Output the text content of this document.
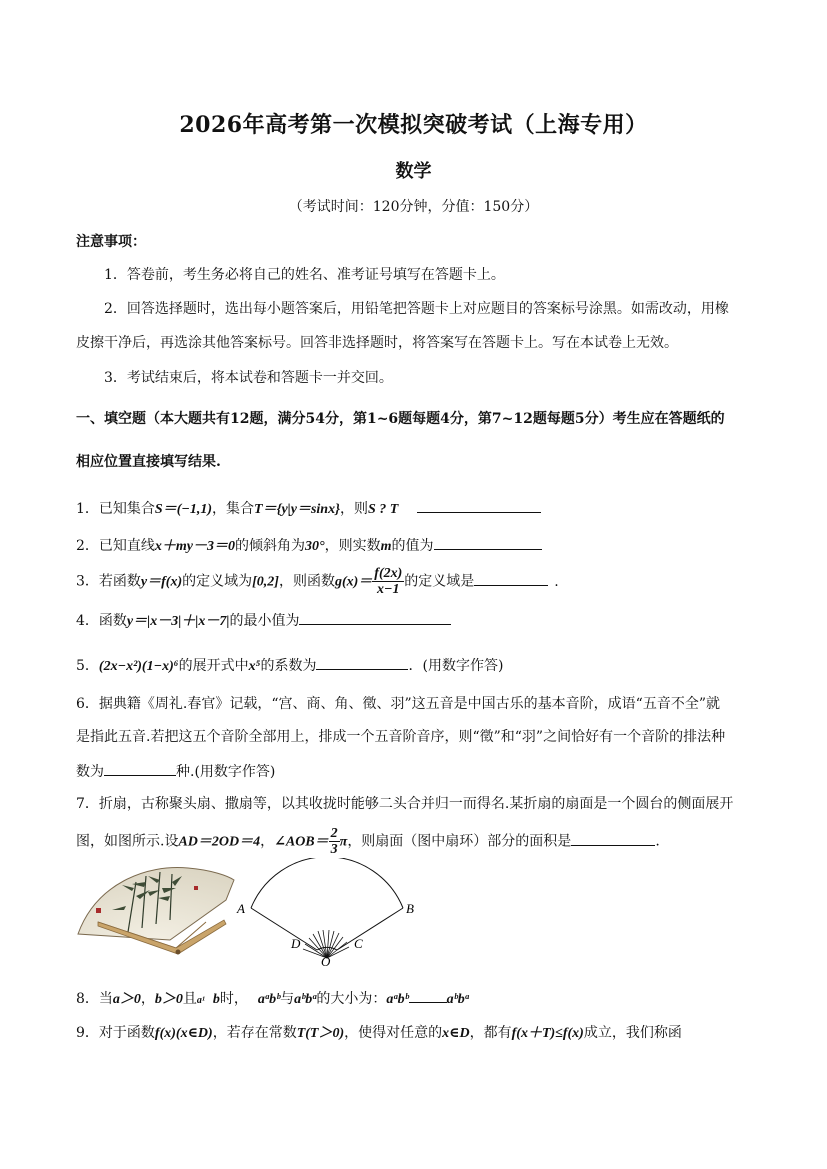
2026年高考第一次模拟突破考试（上海专用）
数学
（考试时间：120分钟，分值：150分）
注意事项：
1．答卷前，考生务必将自己的姓名、准考证号填写在答题卡上。
2．回答选择题时，选出每小题答案后，用铅笔把答题卡上对应题目的答案标号涂黑。如需改动，用橡
皮擦干净后，再选涂其他答案标号。回答非选择题时，将答案写在答题卡上。写在本试卷上无效。
3．考试结束后，将本试卷和答题卡一并交回。
一、填空题（本大题共有12题，满分54分，第1~6题每题4分，第7~12题每题5分）考生应在答题纸的
相应位置直接填写结果.
1．已知集合S＝(−1,1)，集合T＝{y|y＝sinx}，则S ? T
2．已知直线x＋my－3＝0的倾斜角为30°，则实数m的值为
3．若函数y＝f(x)的定义域为[0,2]，则函数$g(x)= \frac{f(2x)}{x-1}$ 的定义域是	.
4．函数y＝|x－3|＋|x－7|的最小值为
5．(2x−x²)(1−x)⁶的展开式中x⁵的系数为	．(用数字作答)
6．据典籍《周礼.春官》记载，“宫、商、角、徵、羽”这五音是中国古乐的基本音阶，成语“五音不全”就
是指此五音.若把这五个音阶全部用上，排成一个五音阶音序，则“徵”和“羽”之间恰好有一个音阶的排法种
数为	种.(用数字作答)
7．折扇，古称聚头扇、撒扇等，以其收拢时能够二头合并归一而得名.某折扇的扇面是一个圆台的侧面展开
图，如图所示.设AD＝2OD＝4，∠AOB＝ $\frac{2}{3}$ π，则扇面（图中扇环）部分的面积是	.
A	B
D	C
O
8．当a＞0，b＞0且a¹ b时， aᵃbᵇ与aᵇbᵃ的大小为：aᵃbᵇ	aᵇbᵃ
9．对于函数f(x)(x∈D)，若存在常数T(T＞0)，使得对任意的x∈D，都有f(x＋T)≤f(x)成立，我们称函
